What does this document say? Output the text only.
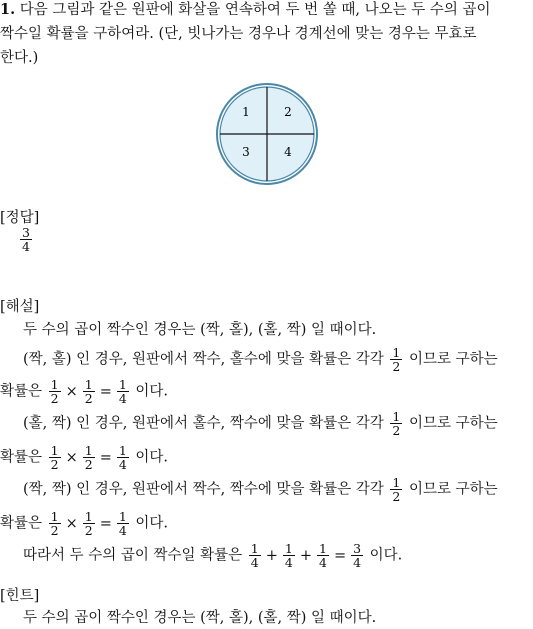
1. 다음 그림과 같은 원판에 화살을 연속하여 두 번 쏠 때, 나오는 두 수의 곱이
짝수일 확률을 구하여라. (단, 빗나가는 경우나 경계선에 맞는 경우는 무효로
한다.)
1	2
3	4
[정답]
$\frac{3}{4}$
[해설]
두 수의 곱이 짝수인 경우는 (짝, 홀), (홀, 짝) 일 때이다.
(짝, 홀) 인 경우, 원판에서 짝수, 홀수에 맞을 확률은 각각 $\frac{1}{2}$ 이므로 구하는
확률은 $\frac{1}{2} \times \frac{1}{2} = \frac{1}{4}$ 이다.
(홀, 짝) 인 경우, 원판에서 홀수, 짝수에 맞을 확률은 각각 $\frac{1}{2}$ 이므로 구하는
확률은 $\frac{1}{2} \times \frac{1}{2} = \frac{1}{4}$ 이다.
(짝, 짝) 인 경우, 원판에서 짝수, 짝수에 맞을 확률은 각각 $\frac{1}{2}$ 이므로 구하는
확률은 $\frac{1}{2} \times \frac{1}{2} = \frac{1}{4}$ 이다.
따라서 두 수의 곱이 짝수일 확률은 $\frac{1}{4} + \frac{1}{4} + \frac{1}{4} = \frac{3}{4}$ 이다.
[힌트]
두 수의 곱이 짝수인 경우는 (짝, 홀), (홀, 짝) 일 때이다.
